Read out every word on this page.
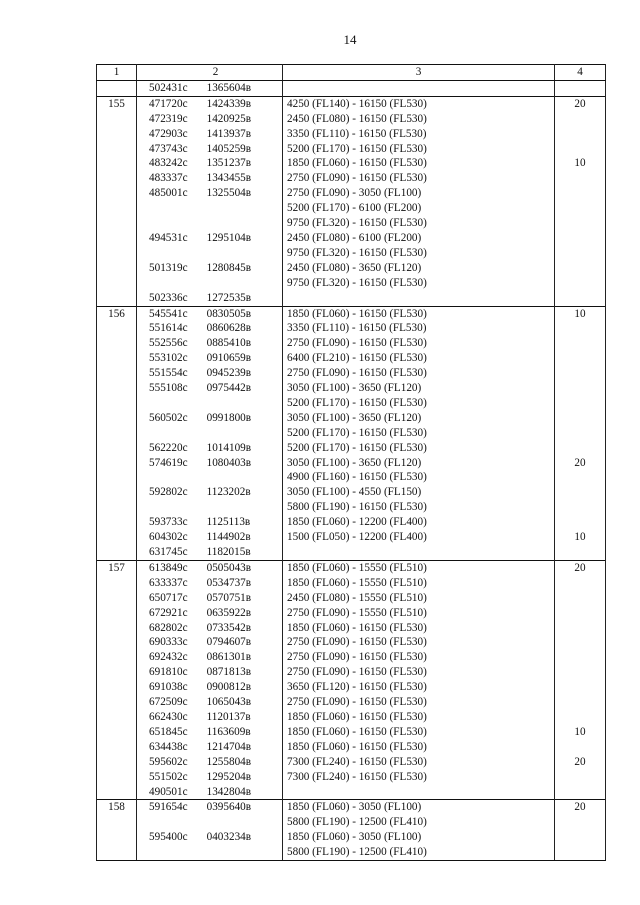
14
1	2	3	4
	502431c 1365604в		
155	471720c 1424339в	4250 (FL140) - 16150 (FL530)	20
	472319c 1420925в	2450 (FL080) - 16150 (FL530)	
	472903c 1413937в	3350 (FL110) - 16150 (FL530)	
	473743c 1405259в	5200 (FL170) - 16150 (FL530)	
	483242c 1351237в	1850 (FL060) - 16150 (FL530)	10
	483337c 1343455в	2750 (FL090) - 16150 (FL530)	
	485001c 1325504в	2750 (FL090) - 3050 (FL100)	
		5200 (FL170) - 6100 (FL200)	
		9750 (FL320) - 16150 (FL530)	
	494531c 1295104в	2450 (FL080) - 6100 (FL200)	
		9750 (FL320) - 16150 (FL530)	
	501319c 1280845в	2450 (FL080) - 3650 (FL120)	
		9750 (FL320) - 16150 (FL530)	
	502336c 1272535в		
156	545541c 0830505в	1850 (FL060) - 16150 (FL530)	10
	551614c 0860628в	3350 (FL110) - 16150 (FL530)	
	552556c 0885410в	2750 (FL090) - 16150 (FL530)	
	553102c 0910659в	6400 (FL210) - 16150 (FL530)	
	551554c 0945239в	2750 (FL090) - 16150 (FL530)	
	555108c 0975442в	3050 (FL100) - 3650 (FL120)	
		5200 (FL170) - 16150 (FL530)	
	560502c 0991800в	3050 (FL100) - 3650 (FL120)	
		5200 (FL170) - 16150 (FL530)	
	562220c 1014109в	5200 (FL170) - 16150 (FL530)	
	574619c 1080403в	3050 (FL100) - 3650 (FL120)	20
		4900 (FL160) - 16150 (FL530)	
	592802c 1123202в	3050 (FL100) - 4550 (FL150)	
		5800 (FL190) - 16150 (FL530)	
	593733c 1125113в	1850 (FL060) - 12200 (FL400)	
	604302c 1144902в	1500 (FL050) - 12200 (FL400)	10
	631745c 1182015в		
157	613849c 0505043в	1850 (FL060) - 15550 (FL510)	20
	633337c 0534737в	1850 (FL060) - 15550 (FL510)	
	650717c 0570751в	2450 (FL080) - 15550 (FL510)	
	672921c 0635922в	2750 (FL090) - 15550 (FL510)	
	682802c 0733542в	1850 (FL060) - 16150 (FL530)	
	690333c 0794607в	2750 (FL090) - 16150 (FL530)	
	692432c 0861301в	2750 (FL090) - 16150 (FL530)	
	691810c 0871813в	2750 (FL090) - 16150 (FL530)	
	691038c 0900812в	3650 (FL120) - 16150 (FL530)	
	672509c 1065043в	2750 (FL090) - 16150 (FL530)	
	662430c 1120137в	1850 (FL060) - 16150 (FL530)	
	651845c 1163609в	1850 (FL060) - 16150 (FL530)	10
	634438c 1214704в	1850 (FL060) - 16150 (FL530)	
	595602c 1255804в	7300 (FL240) - 16150 (FL530)	20
	551502c 1295204в	7300 (FL240) - 16150 (FL530)	
	490501c 1342804в		
158	591654c 0395640в	1850 (FL060) - 3050 (FL100)	20
		5800 (FL190) - 12500 (FL410)	
	595400c 0403234в	1850 (FL060) - 3050 (FL100)	
		5800 (FL190) - 12500 (FL410)	
